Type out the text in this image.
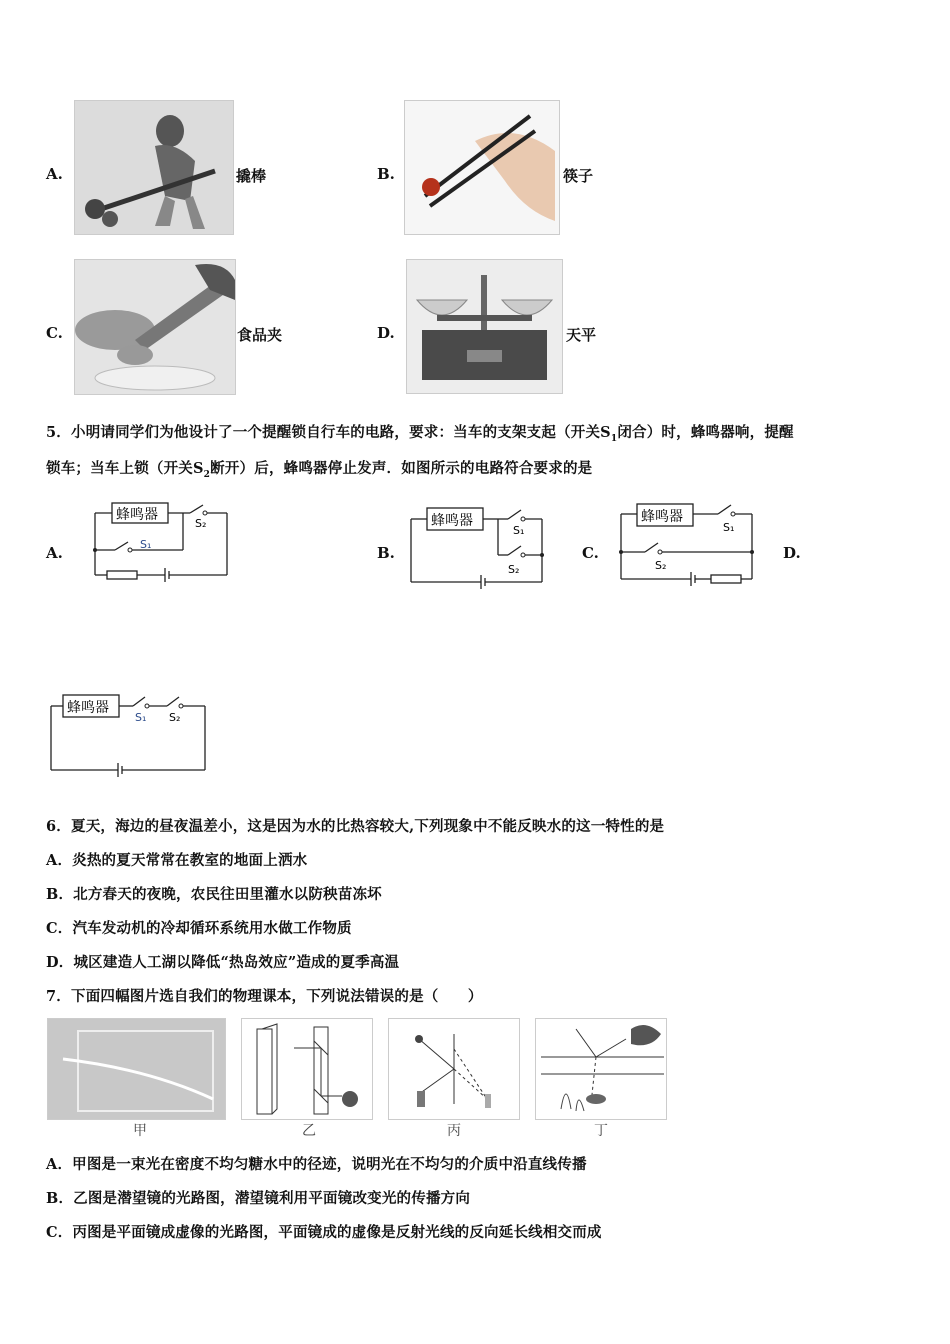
A.	撬棒	B.	筷子
C.	食品夹	D.	天平
5．小明请同学们为他设计了一个提醒锁自行车的电路，要求：当车的支架支起（开关$S_1$闭合）时，蜂鸣器响，提醒
锁车；当车上锁（开关$S_2$断开）后，蜂鸣器停止发声．如图所示的电路符合要求的是
A.	B.	C.	D.
蜂鸣器
S₂
S₁
蜂鸣器
S₁
S₂
蜂鸣器
S₁
S₂
蜂鸣器
S₁ S₂
6．夏天，海边的昼夜温差小，这是因为水的比热容较大,下列现象中不能反映水的这一特性的是
A．炎热的夏天常常在教室的地面上洒水
B．北方春天的夜晚，农民往田里灌水以防秧苗冻坏
C．汽车发动机的冷却循环系统用水做工作物质
D．城区建造人工湖以降低“热岛效应”造成的夏季高温
7．下面四幅图片选自我们的物理课本，下列说法错误的是（　　）
甲	乙	丙	丁
A．甲图是一束光在密度不均匀糖水中的径迹，说明光在不均匀的介质中沿直线传播
B．乙图是潜望镜的光路图，潜望镜利用平面镜改变光的传播方向
C．丙图是平面镜成虚像的光路图，平面镜成的虚像是反射光线的反向延长线相交而成
